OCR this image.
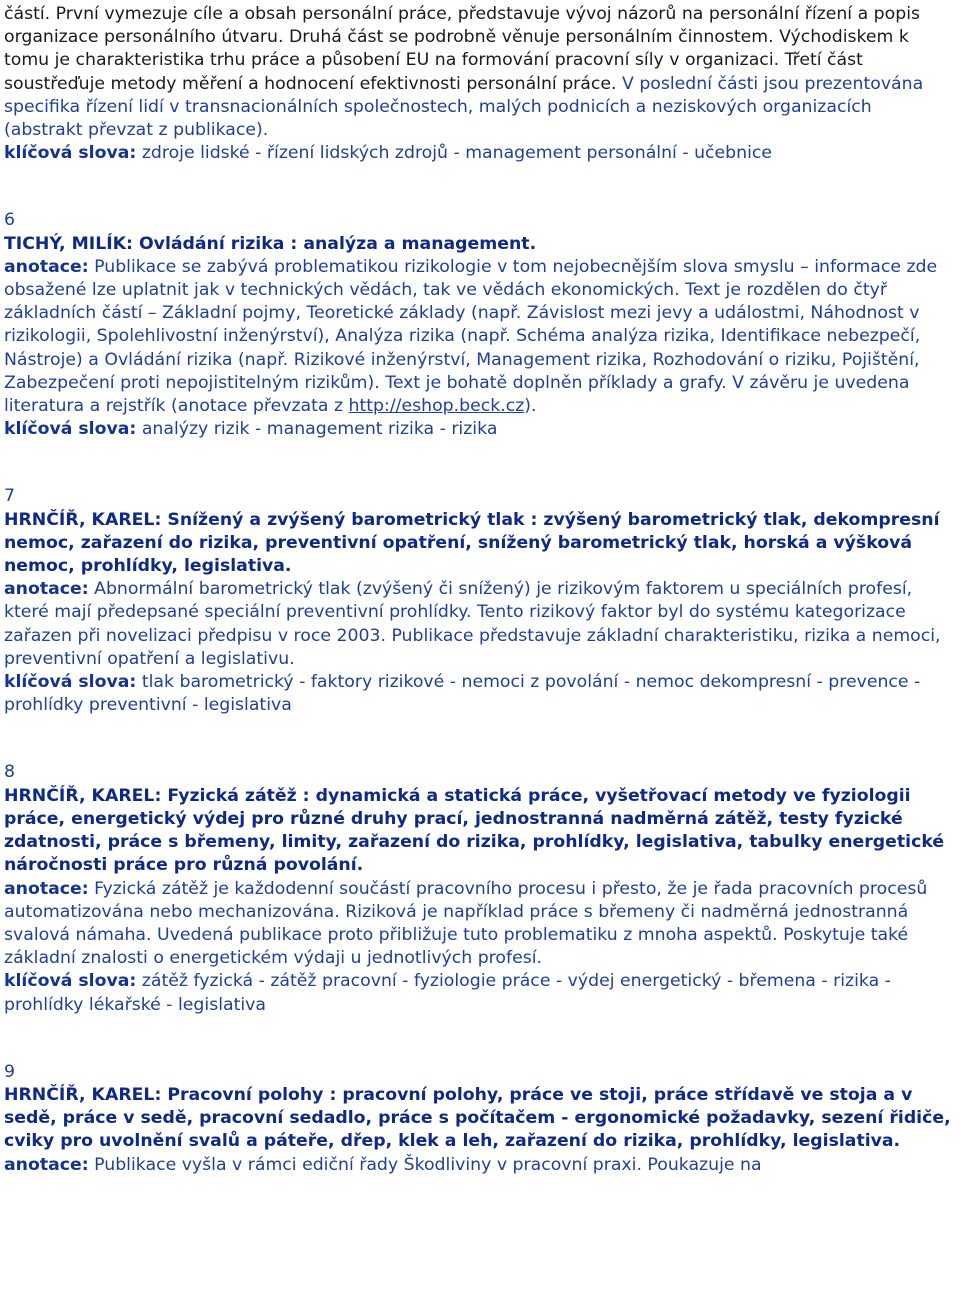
částí. První vymezuje cíle a obsah personální práce, představuje vývoj názorů na personální řízení a popis organizace personálního útvaru. Druhá část se podrobně věnuje personálním činnostem. Východiskem k tomu je charakteristika trhu práce a působení EU na formování pracovní síly v organizaci. Třetí část soustřeďuje metody měření a hodnocení efektivnosti personální práce. V poslední části jsou prezentována specifika řízení lidí v transnacionálních společnostech, malých podnicích a neziskových organizacích (abstrakt převzat z publikace).

klíčová slova: zdroje lidské - řízení lidských zdrojů - management personální - učebnice

6

TICHÝ, MILÍK: Ovládání rizika : analýza a management.

anotace: Publikace se zabývá problematikou rizikologie v tom nejobecnějším slova smyslu – informace zde obsažené lze uplatnit jak v technických vědách, tak ve vědách ekonomických. Text je rozdělen do čtyř základních částí – Základní pojmy, Teoretické základy (např. Závislost mezi jevy a událostmi, Náhodnost v rizikologii, Spolehlivostní inženýrství), Analýza rizika (např. Schéma analýza rizika, Identifikace nebezpečí, Nástroje) a Ovládání rizika (např. Rizikové inženýrství, Management rizika, Rozhodování o riziku, Pojištění, Zabezpečení proti nepojistitelným rizikům). Text je bohatě doplněn příklady a grafy. V závěru je uvedena literatura a rejstřík (anotace převzata z http://eshop.beck.cz).

klíčová slova: analýzy rizik - management rizika - rizika

7

HRNČÍŘ, KAREL: Snížený a zvýšený barometrický tlak : zvýšený barometrický tlak, dekompresní nemoc, zařazení do rizika, preventivní opatření, snížený barometrický tlak, horská a výšková nemoc, prohlídky, legislativa.

anotace: Abnormální barometrický tlak (zvýšený či snížený) je rizikovým faktorem u speciálních profesí, které mají předepsané speciální preventivní prohlídky. Tento rizikový faktor byl do systému kategorizace zařazen při novelizaci předpisu v roce 2003. Publikace představuje základní charakteristiku, rizika a nemoci, preventivní opatření a legislativu.

klíčová slova: tlak barometrický - faktory rizikové - nemoci z povolání - nemoc dekompresní - prevence - prohlídky preventivní - legislativa

8

HRNČÍŘ, KAREL: Fyzická zátěž : dynamická a statická práce, vyšetřovací metody ve fyziologii práce, energetický výdej pro různé druhy prací, jednostranná nadměrná zátěž, testy fyzické zdatnosti, práce s břemeny, limity, zařazení do rizika, prohlídky, legislativa, tabulky energetické náročnosti práce pro různá povolání.

anotace: Fyzická zátěž je každodenní součástí pracovního procesu i přesto, že je řada pracovních procesů automatizována nebo mechanizována. Riziková je například práce s břemeny či nadměrná jednostranná svalová námaha. Uvedená publikace proto přibližuje tuto problematiku z mnoha aspektů. Poskytuje také základní znalosti o energetickém výdaji u jednotlivých profesí.

klíčová slova: zátěž fyzická - zátěž pracovní - fyziologie práce - výdej energetický - břemena - rizika - prohlídky lékařské - legislativa

9

HRNČÍŘ, KAREL: Pracovní polohy : pracovní polohy, práce ve stoji, práce střídavě ve stoja a v sedě, práce v sedě, pracovní sedadlo, práce s počítačem - ergonomické požadavky, sezení řidiče, cviky pro uvolnění svalů a páteře, dřep, klek a leh, zařazení do rizika, prohlídky, legislativa.

anotace: Publikace vyšla v rámci ediční řady Škodliviny v pracovní praxi. Poukazuje na
